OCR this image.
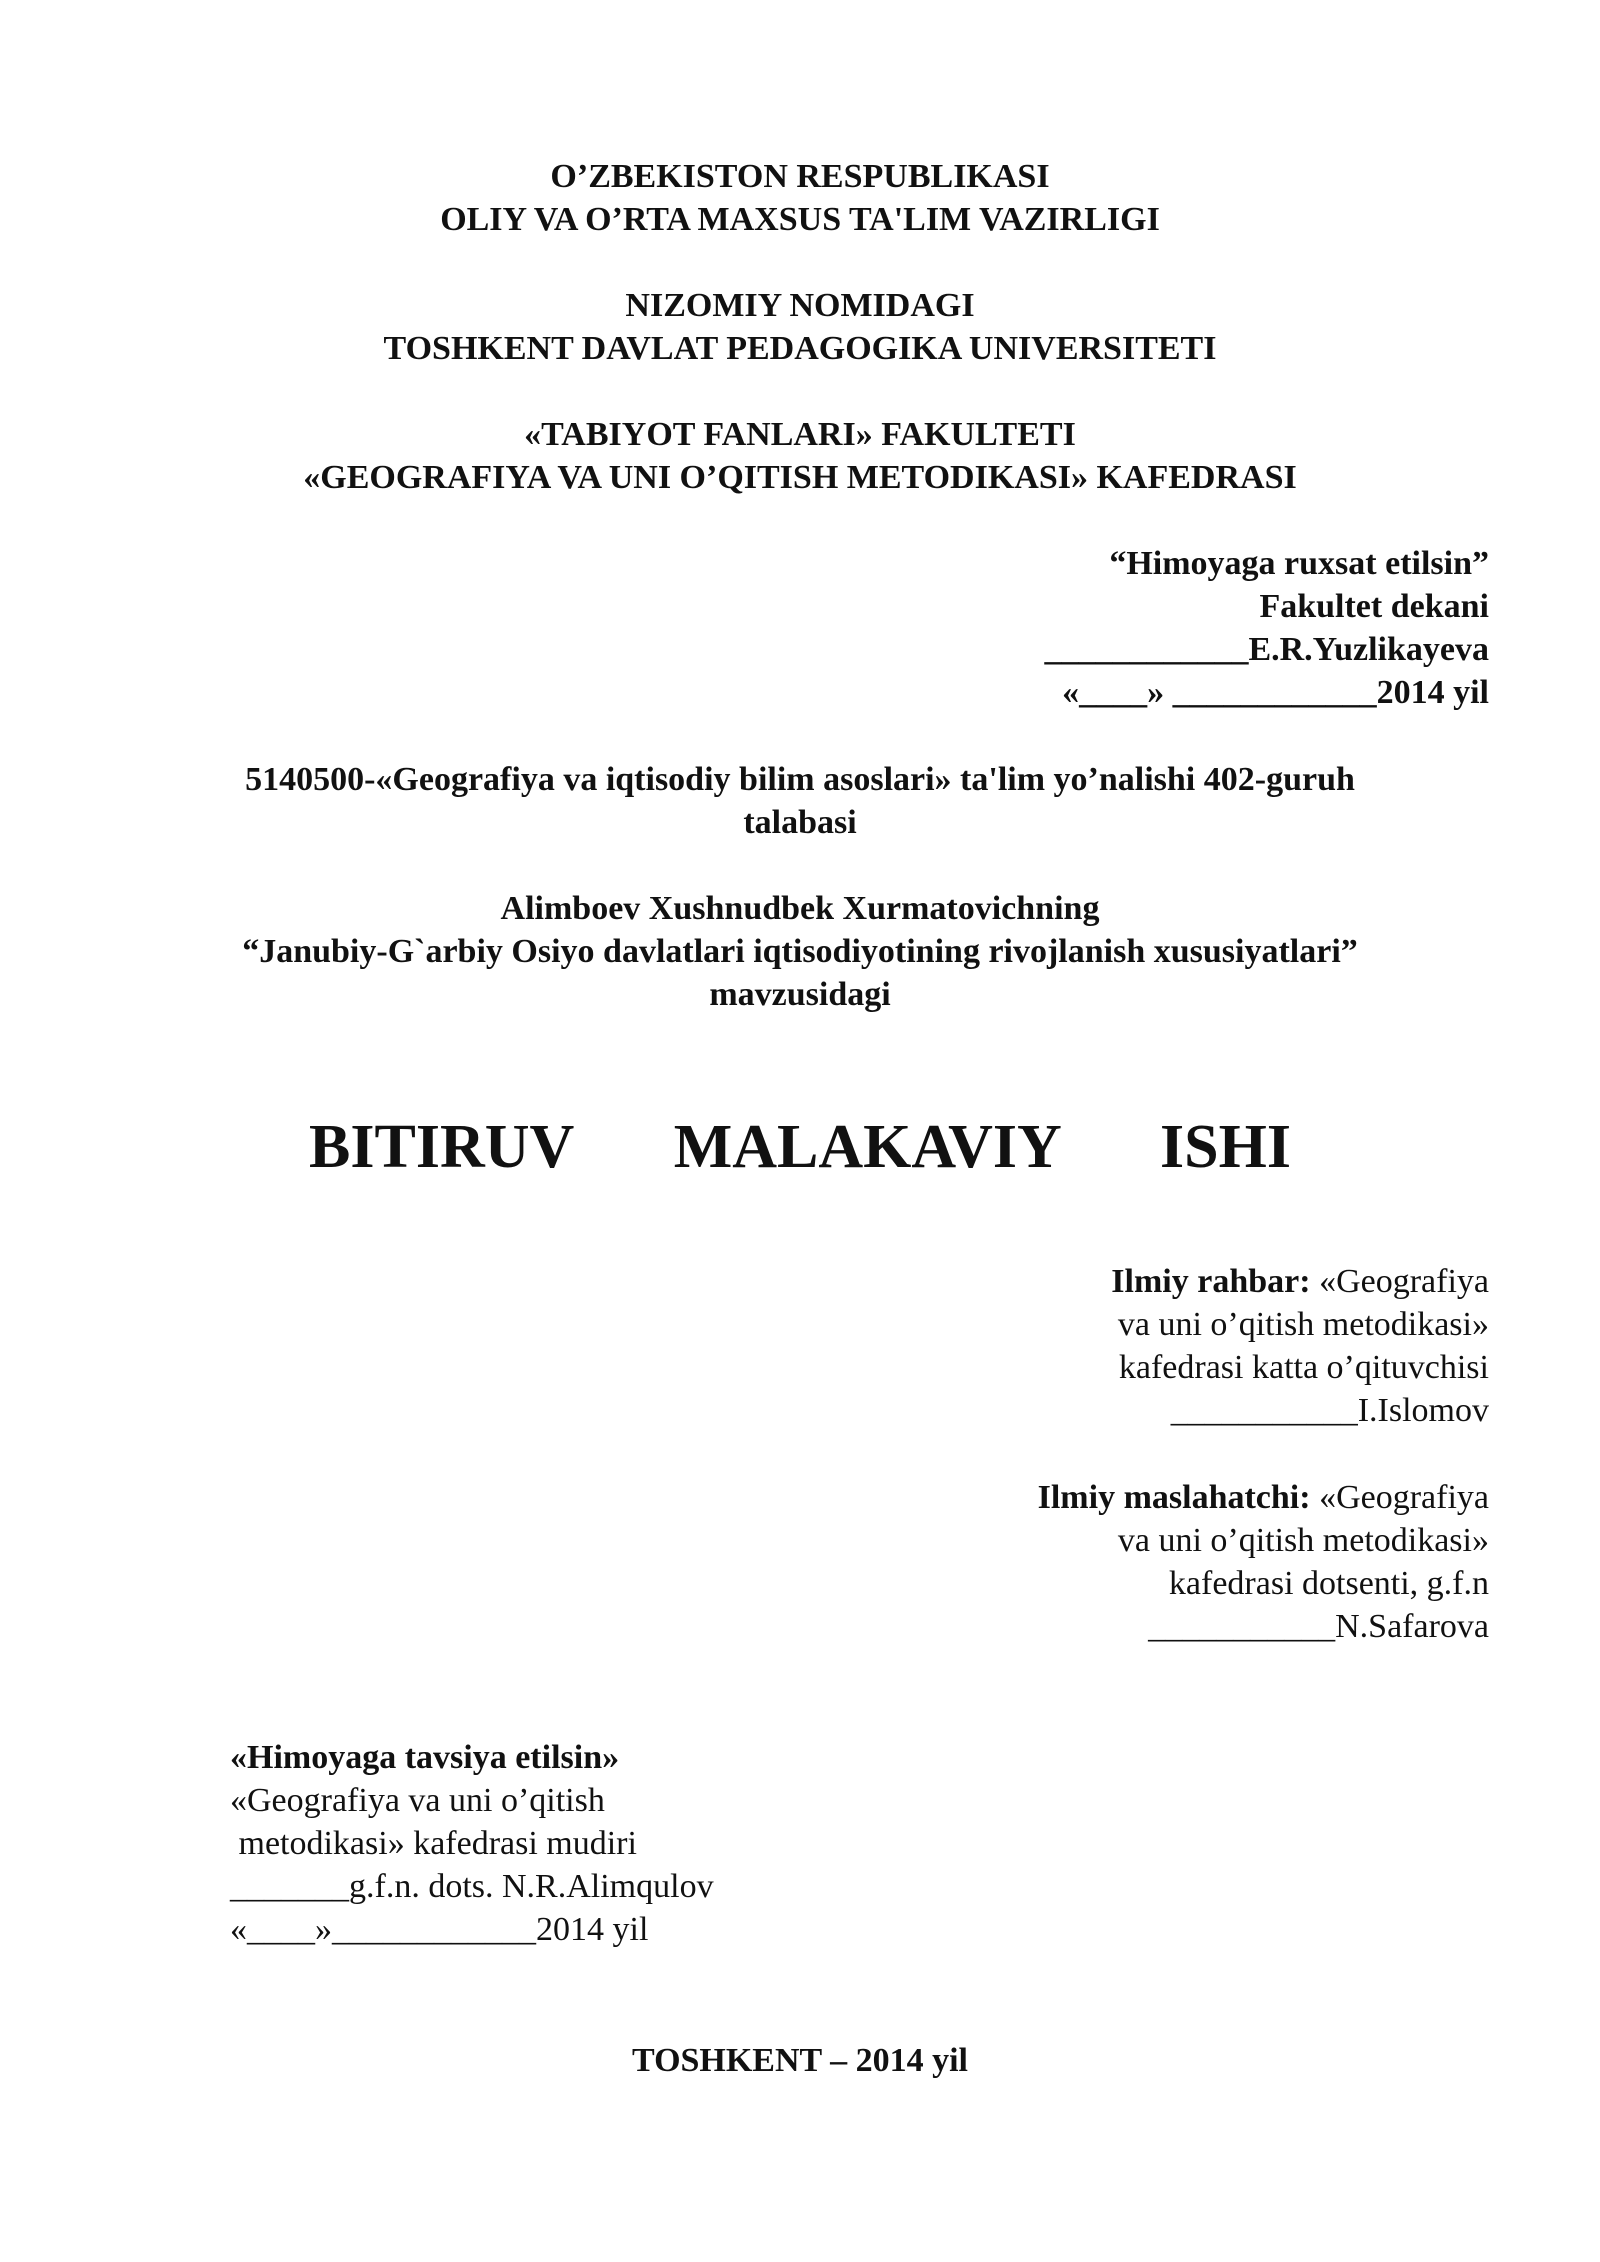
O’ZBEKISTON RESPUBLIKASI
OLIY VA O’RTA MAXSUS TA'LIM VAZIRLIGI
NIZOMIY NOMIDAGI
TOSHKENT DAVLAT PEDAGOGIKA UNIVERSITETI
«TABIYOT FANLARI» FAKULTETI
«GEOGRAFIYA VA UNI O’QITISH METODIKASI» KAFEDRASI
“Himoyaga ruxsat etilsin”
Fakultet dekani
____________E.R.Yuzlikayeva
«____» ____________2014 yil
5140500-«Geografiya va iqtisodiy bilim asoslari» ta'lim yo’nalishi 402-guruh
talabasi
Alimboev Xushnudbek Xurmatovichning
“Janubiy-G`arbiy Osiyo davlatlari iqtisodiyotining rivojlanish xususiyatlari”
mavzusidagi
BITIRUV   MALAKAVIY   ISHI
Ilmiy rahbar: «Geografiya
va uni o’qitish metodikasi»
kafedrasi katta o’qituvchisi
___________I.Islomov
Ilmiy maslahatchi: «Geografiya
va uni o’qitish metodikasi»
kafedrasi dotsenti, g.f.n
___________N.Safarova
«Himoyaga tavsiya etilsin»
«Geografiya va uni o’qitish
metodikasi» kafedrasi mudiri
_______g.f.n. dots. N.R.Alimqulov
«____»____________2014 yil
TOSHKENT – 2014 yil
